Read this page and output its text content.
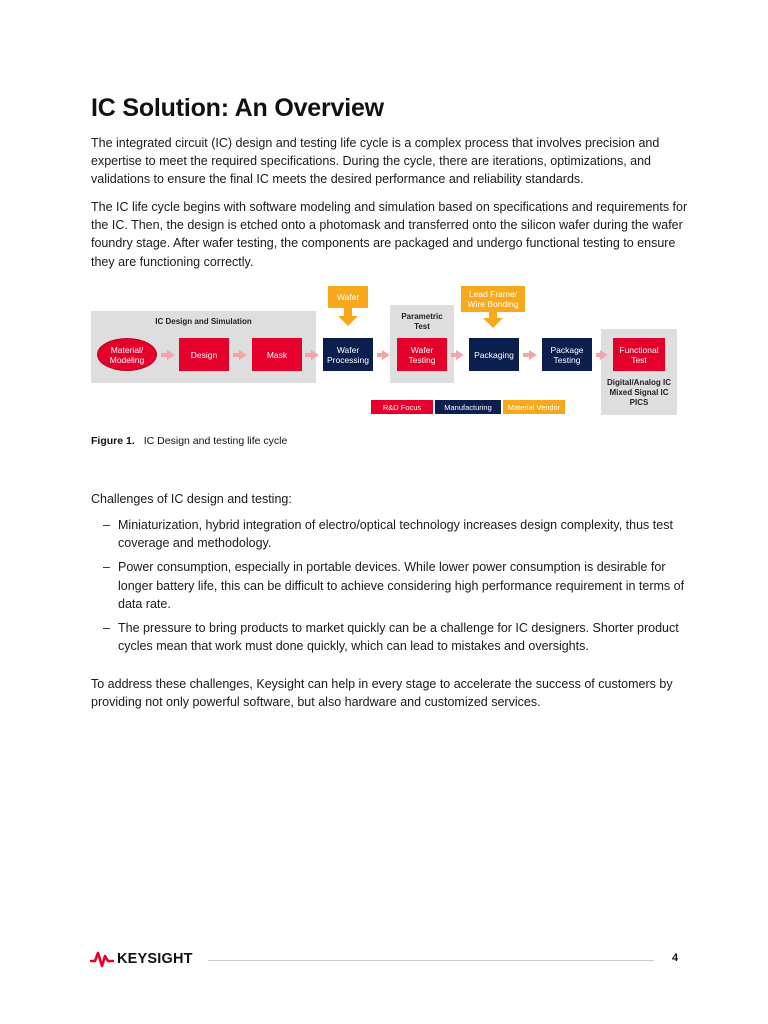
IC Solution: An Overview

The integrated circuit (IC) design and testing life cycle is a complex process that involves precision and expertise to meet the required specifications. During the cycle, there are iterations, optimizations, and validations to ensure the final IC meets the desired performance and reliability standards.

The IC life cycle begins with software modeling and simulation based on specifications and requirements for the IC. Then, the design is etched onto a photomask and transferred onto the silicon wafer during the wafer foundry stage. After wafer testing, the components are packaged and undergo functional testing to ensure they are functioning correctly.

IC Design and Simulation
Parametric Test
Digital/Analog IC Mixed Signal IC PICS
Wafer	Lead Frame/ Wire Bonding
Material/ Modeling	Design	Mask	Wafer Processing
Wafer Testing	Packaging	Package Testing
Functional Test
R&D Focus	Manufacturing	Material Vendor
Figure 1. IC Design and testing life cycle

Challenges of IC design and testing:

– Miniaturization, hybrid integration of electro/optical technology increases design complexity, thus test coverage and methodology.
– Power consumption, especially in portable devices. While lower power consumption is desirable for longer battery life, this can be difficult to achieve considering high performance requirement in terms of data rate.
– The pressure to bring products to market quickly can be a challenge for IC designers. Shorter product cycles mean that work must done quickly, which can lead to mistakes and oversights.

To address these challenges, Keysight can help in every stage to accelerate the success of customers by providing not only powerful software, but also hardware and customized services.

KEYSIGHT	4
